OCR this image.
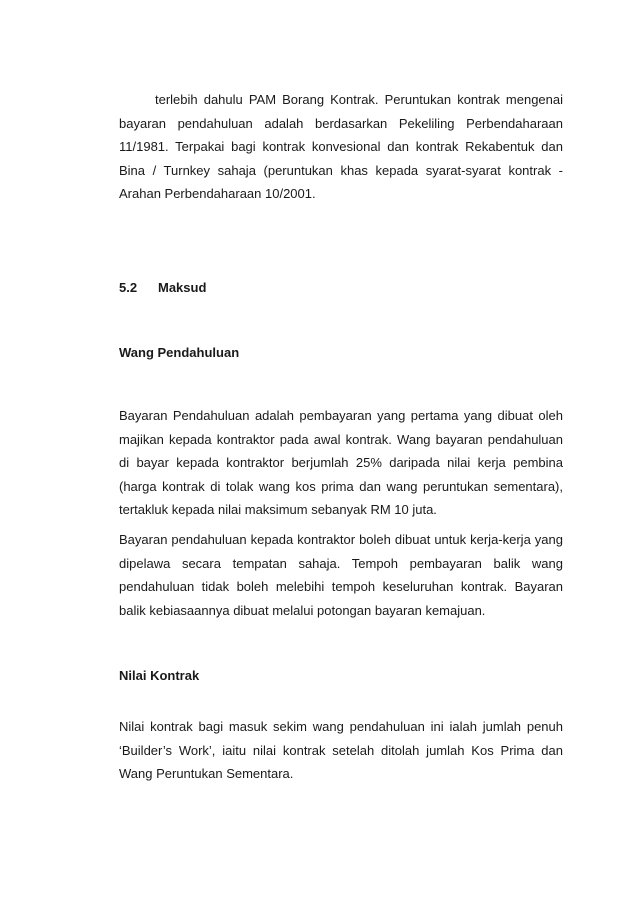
terlebih dahulu PAM Borang Kontrak. Peruntukan kontrak mengenai
bayaran pendahuluan adalah berdasarkan Pekeliling Perbendaharaan
11/1981. Terpakai bagi kontrak konvesional dan kontrak Rekabentuk dan
Bina / Turnkey sahaja (peruntukan khas kepada syarat-syarat kontrak -
Arahan Perbendaharaan 10/2001.
5.2 Maksud
Wang Pendahuluan
Bayaran Pendahuluan adalah pembayaran yang pertama yang dibuat oleh
majikan kepada kontraktor pada awal kontrak. Wang bayaran pendahuluan
di bayar kepada kontraktor berjumlah 25% daripada nilai kerja pembina
(harga kontrak di tolak wang kos prima dan wang peruntukan sementara),
tertakluk kepada nilai maksimum sebanyak RM 10 juta.
Bayaran pendahuluan kepada kontraktor boleh dibuat untuk kerja-kerja yang
dipelawa secara tempatan sahaja. Tempoh pembayaran balik wang
pendahuluan tidak boleh melebihi tempoh keseluruhan kontrak. Bayaran
balik kebiasaannya dibuat melalui potongan bayaran kemajuan.
Nilai Kontrak
Nilai kontrak bagi masuk sekim wang pendahuluan ini ialah jumlah penuh
‘Builder’s Work’, iaitu nilai kontrak setelah ditolah jumlah Kos Prima dan
Wang Peruntukan Sementara.
